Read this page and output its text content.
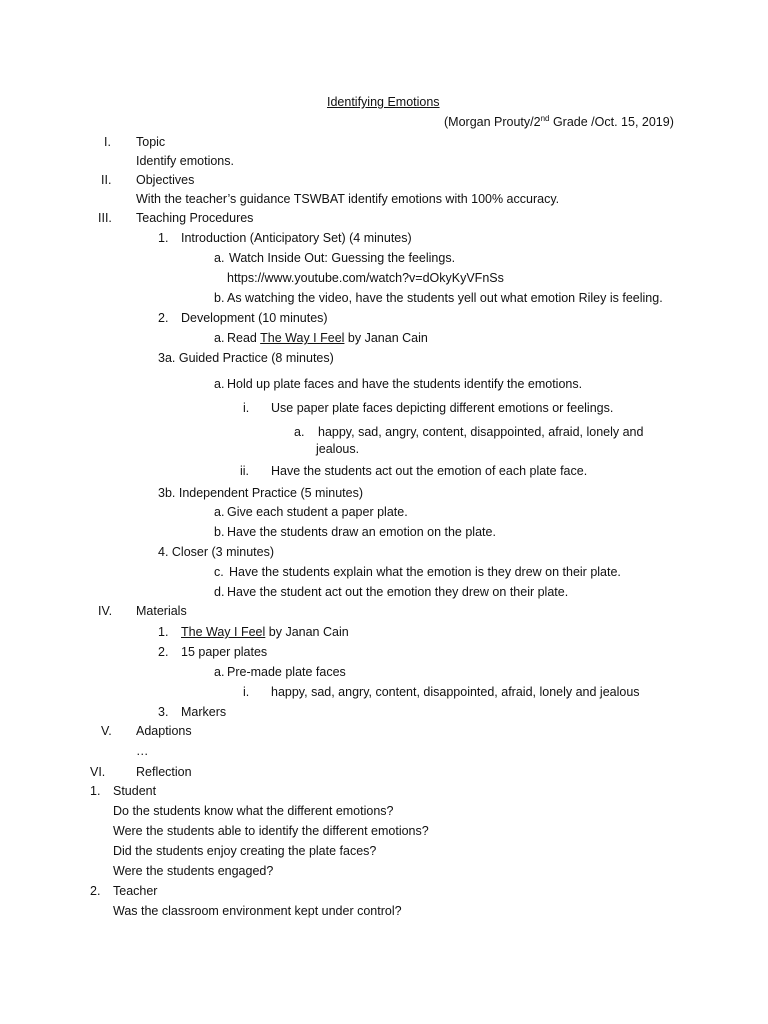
Identifying Emotions
(Morgan Prouty/2nd Grade /Oct. 15, 2019)
I. Topic
Identify emotions.
II. Objectives
With the teacher’s guidance TSWBAT identify emotions with 100% accuracy.
III. Teaching Procedures
1. Introduction (Anticipatory Set) (4 minutes)
a. Watch Inside Out: Guessing the feelings.
https://www.youtube.com/watch?v=dOkyKyVFnSs
b. As watching the video, have the students yell out what emotion Riley is feeling.
2. Development (10 minutes)
a. Read The Way I Feel by Janan Cain
3a. Guided Practice (8 minutes)
a. Hold up plate faces and have the students identify the emotions.
i. Use paper plate faces depicting different emotions or feelings.
a. happy, sad, angry, content, disappointed, afraid, lonely and
jealous.
ii. Have the students act out the emotion of each plate face.
3b. Independent Practice (5 minutes)
a. Give each student a paper plate.
b. Have the students draw an emotion on the plate.
4. Closer (3 minutes)
c. Have the students explain what the emotion is they drew on their plate.
d. Have the student act out the emotion they drew on their plate.
IV. Materials
1. The Way I Feel by Janan Cain
2. 15 paper plates
a. Pre-made plate faces
i. happy, sad, angry, content, disappointed, afraid, lonely and jealous
3. Markers
V. Adaptions
…
VI. Reflection
1. Student
Do the students know what the different emotions?
Were the students able to identify the different emotions?
Did the students enjoy creating the plate faces?
Were the students engaged?
2. Teacher
Was the classroom environment kept under control?
